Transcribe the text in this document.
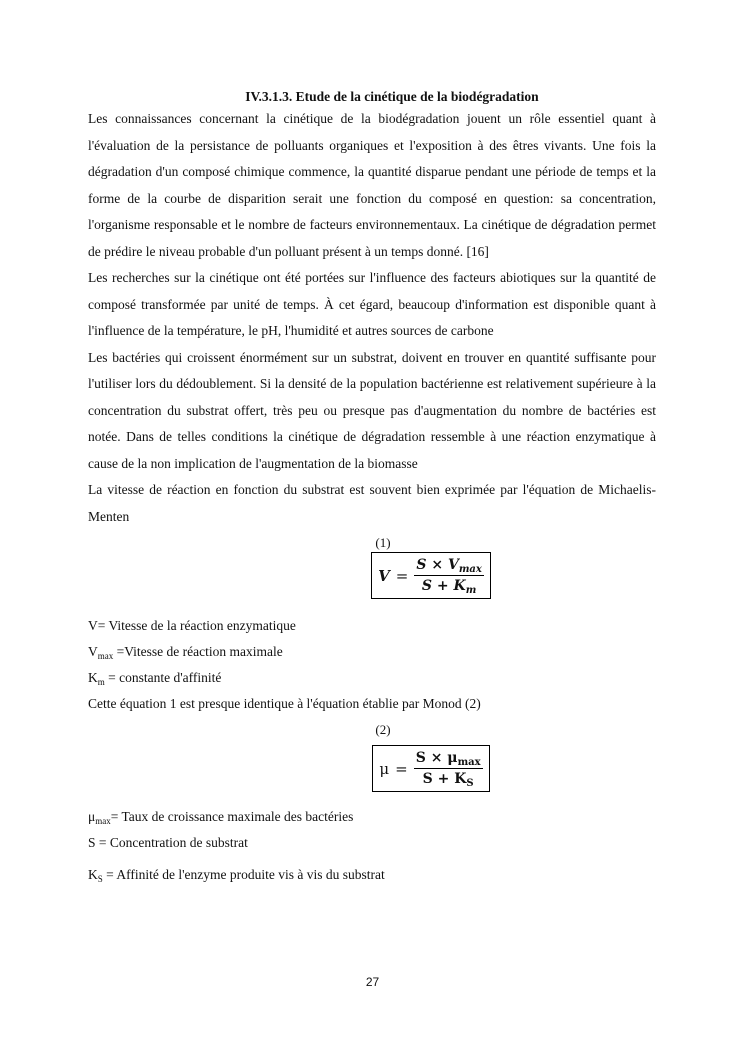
IV.3.1.3. Etude de la cinétique de la biodégradation

Les connaissances concernant la cinétique de la biodégradation jouent un rôle essentiel quant à l'évaluation de la persistance de polluants organiques et l'exposition à des êtres vivants. Une fois la dégradation d'un composé chimique commence, la quantité disparue pendant une période de temps et la forme de la courbe de disparition serait une fonction du composé en question: sa concentration, l'organisme responsable et le nombre de facteurs environnementaux. La cinétique de dégradation permet de prédire le niveau probable d'un polluant présent à un temps donné. [16]

Les recherches sur la cinétique ont été portées sur l'influence des facteurs abiotiques sur la quantité de composé transformée par unité de temps. À cet égard, beaucoup d'information est disponible quant à l'influence de la température, le pH, l'humidité et autres sources de carbone

Les bactéries qui croissent énormément sur un substrat, doivent en trouver en quantité suffisante pour l'utiliser lors du dédoublement. Si la densité de la population bactérienne est relativement supérieure à la concentration du substrat offert, très peu ou presque pas d'augmentation du nombre de bactéries est notée. Dans de telles conditions la cinétique de dégradation ressemble à une réaction enzymatique à cause de la non implication de l'augmentation de la biomasse

La vitesse de réaction en fonction du substrat est souvent bien exprimée par l'équation de Michaelis-Menten

(1)
$V = \frac{S \times V_{max}}{S + K_m}$

V= Vitesse de la réaction enzymatique

$V_{max}$ =Vitesse de réaction maximale

$K_m$ = constante d'affinité

Cette équation 1 est presque identique à l'équation établie par Monod (2)

(2)
$\mu = \frac{S \times \mu_{max}}{S + K_S}$

$\mu_{max}=$ Taux de croissance maximale des bactéries

S = Concentration de substrat

$K_S$ = Affinité de l'enzyme produite vis à vis du substrat

27
